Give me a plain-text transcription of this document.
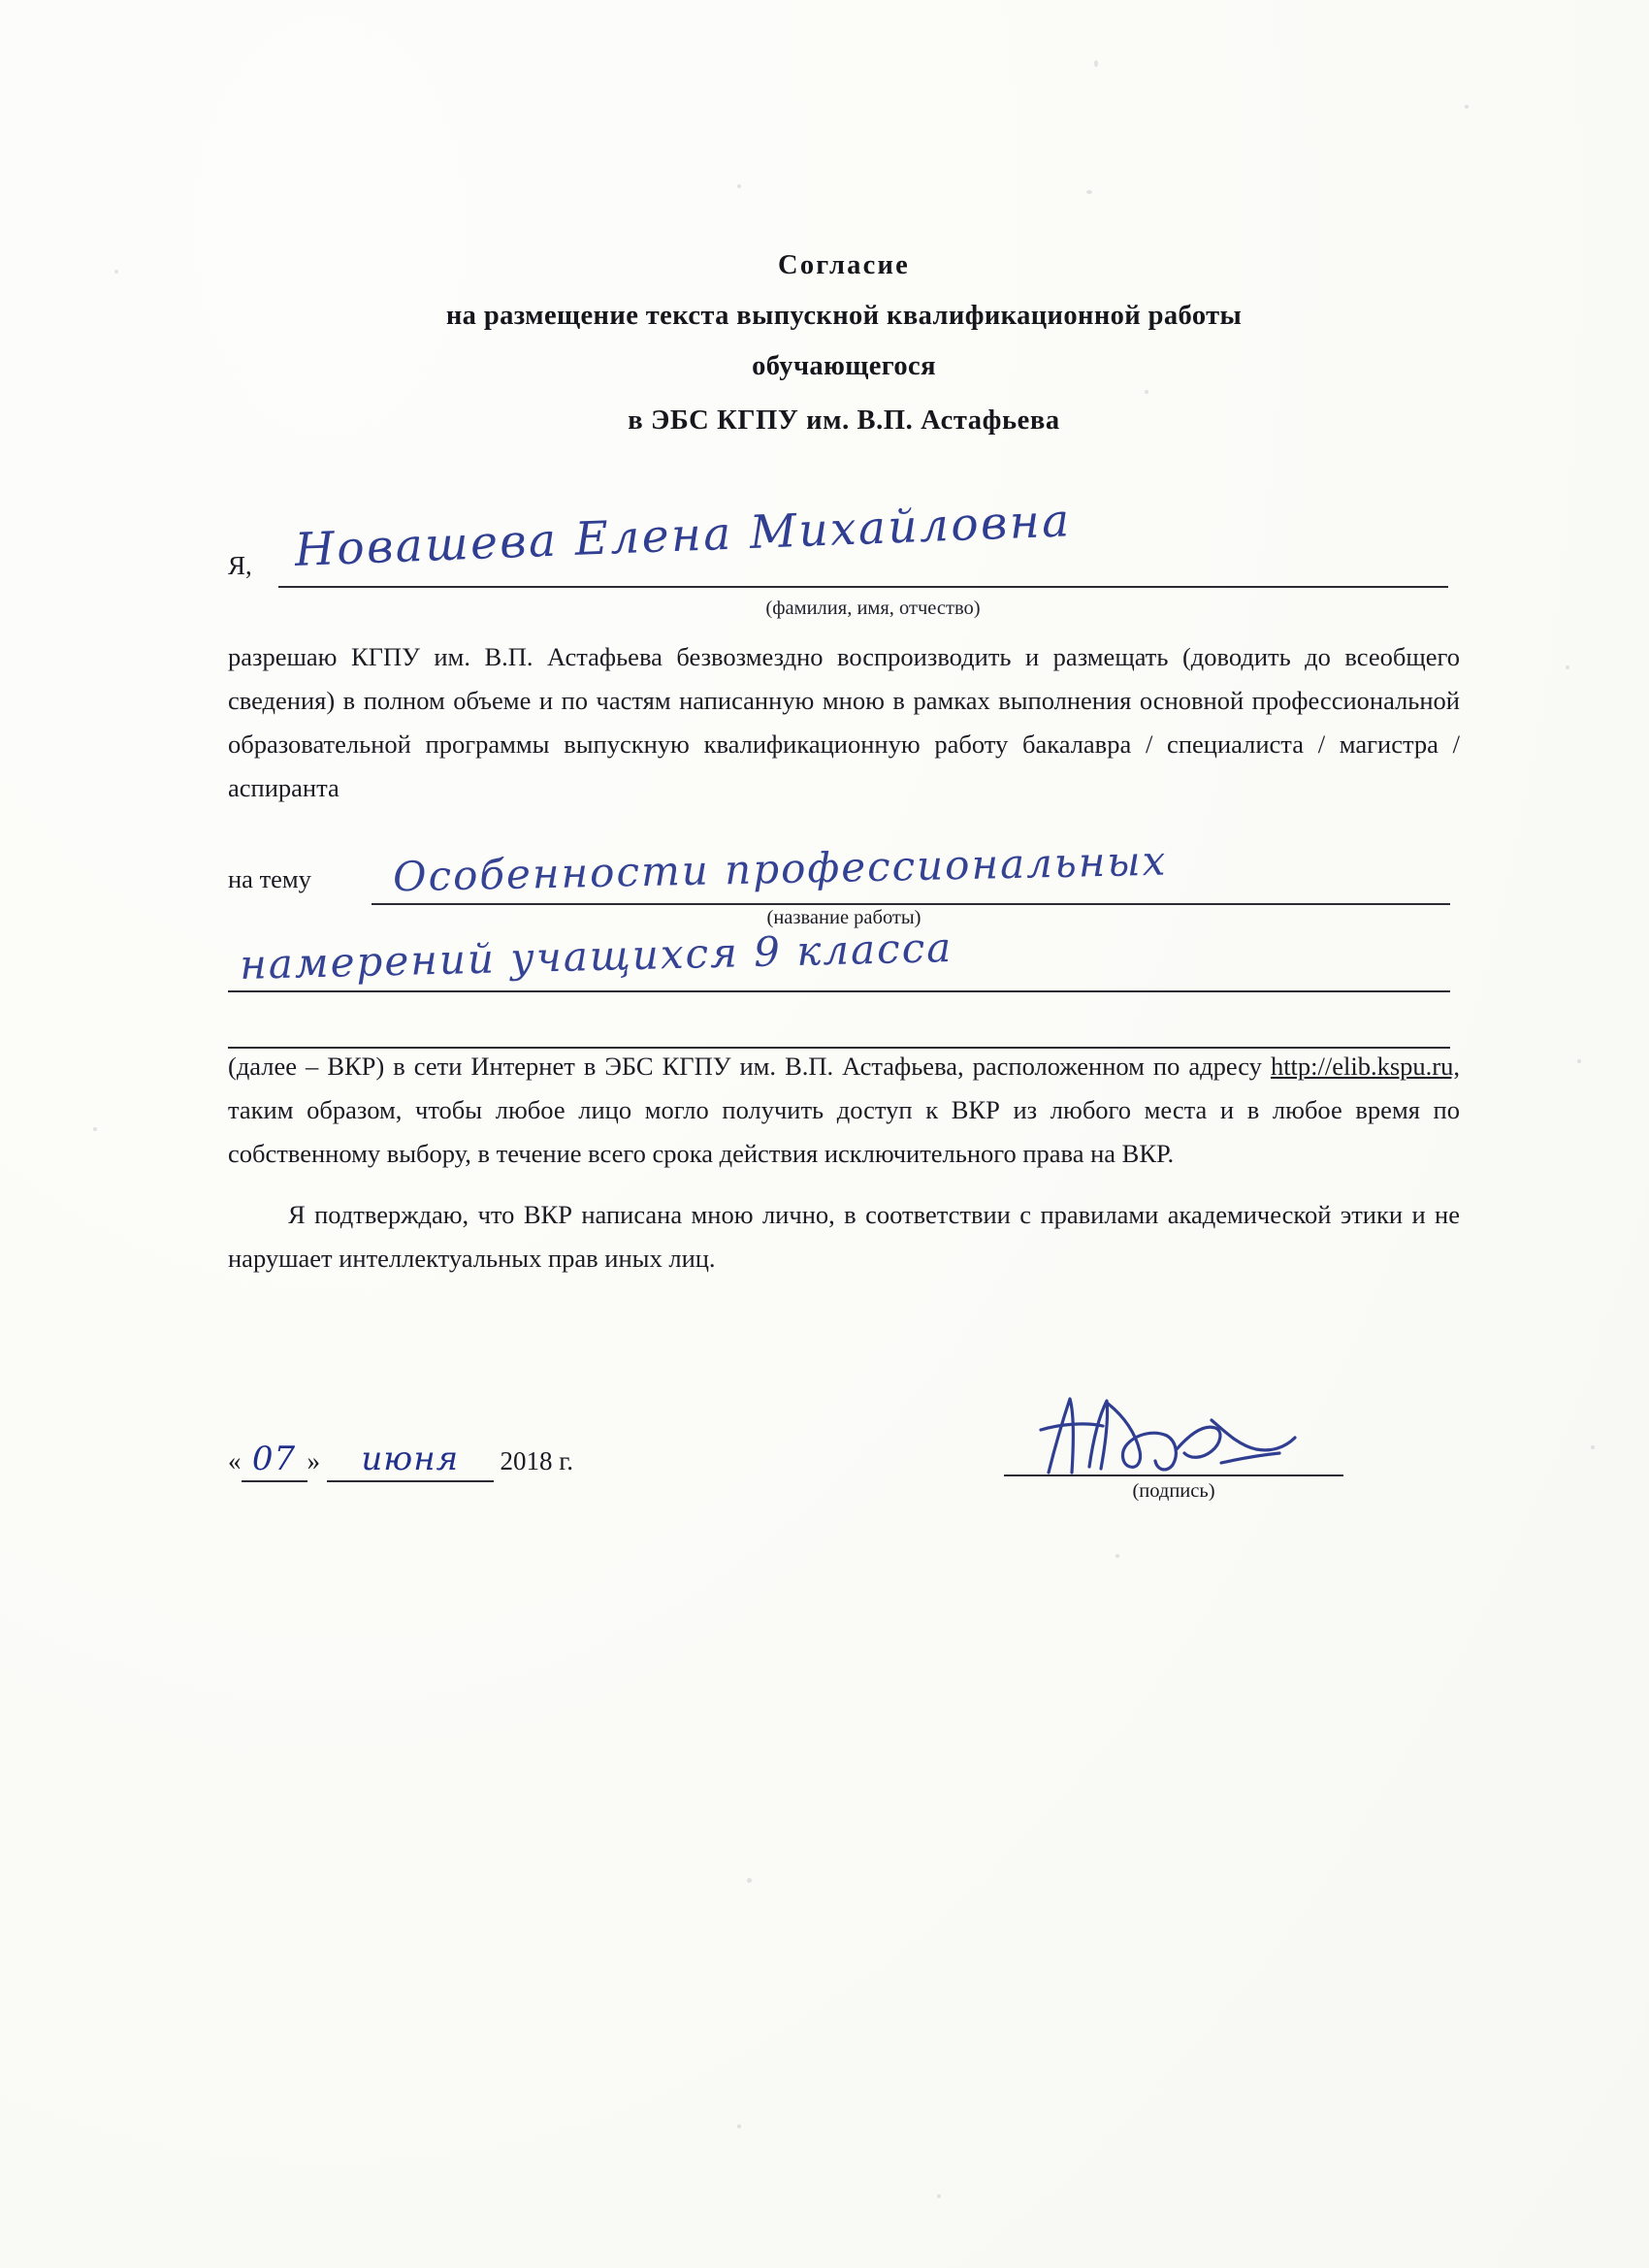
Согласие
на размещение текста выпускной квалификационной работы
обучающегося
в ЭБС КГПУ им. В.П. Астафьева
Я, Новашева Елена Михайловна
(фамилия, имя, отчество)

разрешаю КГПУ им. В.П. Астафьева безвозмездно воспроизводить и размещать (доводить до всеобщего сведения) в полном объеме и по частям написанную мною в рамках выполнения основной профессиональной образовательной программы выпускную квалификационную работу бакалавра / специалиста / магистра / аспиранта

на тему Особенности профессиональных
(название работы)
намерений учащихся 9 класса

(далее – ВКР) в сети Интернет в ЭБС КГПУ им. В.П. Астафьева, расположенном по адресу http://elib.kspu.ru, таким образом, чтобы любое лицо могло получить доступ к ВКР из любого места и в любое время по собственному выбору, в течение всего срока действия исключительного права на ВКР.

Я подтверждаю, что ВКР написана мною лично, в соответствии с правилами академической этики и не нарушает интеллектуальных прав иных лиц.

« 07 » июня 2018 г.
(подпись)
